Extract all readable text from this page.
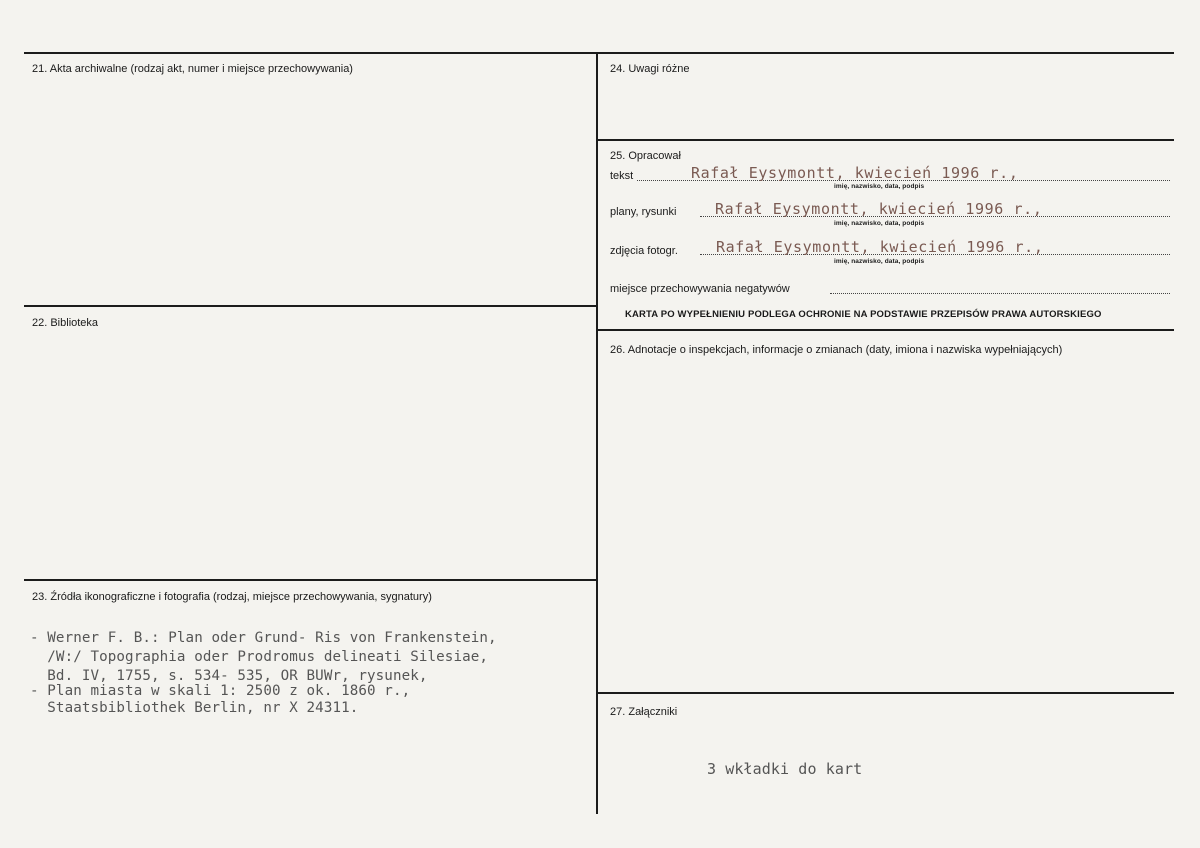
21. Akta archiwalne (rodzaj akt, numer i miejsce przechowywania)
22. Biblioteka
23. Źródła ikonograficzne i fotografia (rodzaj, miejsce przechowywania, sygnatury)
24. Uwagi różne
25. Opracował
26. Adnotacje o inspekcjach, informacje o zmianach (daty, imiona i nazwiska wypełniających)
27. Załączniki
tekst	Rafał Eysymontt, kwiecień 1996 r.,
imię, nazwisko, data, podpis
plany, rysunki	Rafał Eysymontt, kwiecień 1996 r.,
imię, nazwisko, data, podpis
zdjęcia fotogr.	Rafał Eysymontt, kwiecień 1996 r.,
imię, nazwisko, data, podpis
miejsce przechowywania negatywów
KARTA PO WYPEŁNIENIU PODLEGA OCHRONIE NA PODSTAWIE PRZEPISÓW PRAWA AUTORSKIEGO
- Werner F. B.: Plan oder Grund- Ris von Frankenstein,
/W:/ Topographia oder Prodromus delineati Silesiae,
Bd. IV, 1755, s. 534- 535, OR BUWr, rysunek,
- Plan miasta w skali 1: 2500 z ok. 1860 r.,
Staatsbibliothek Berlin, nr X 24311.
3 wkładki do kart
